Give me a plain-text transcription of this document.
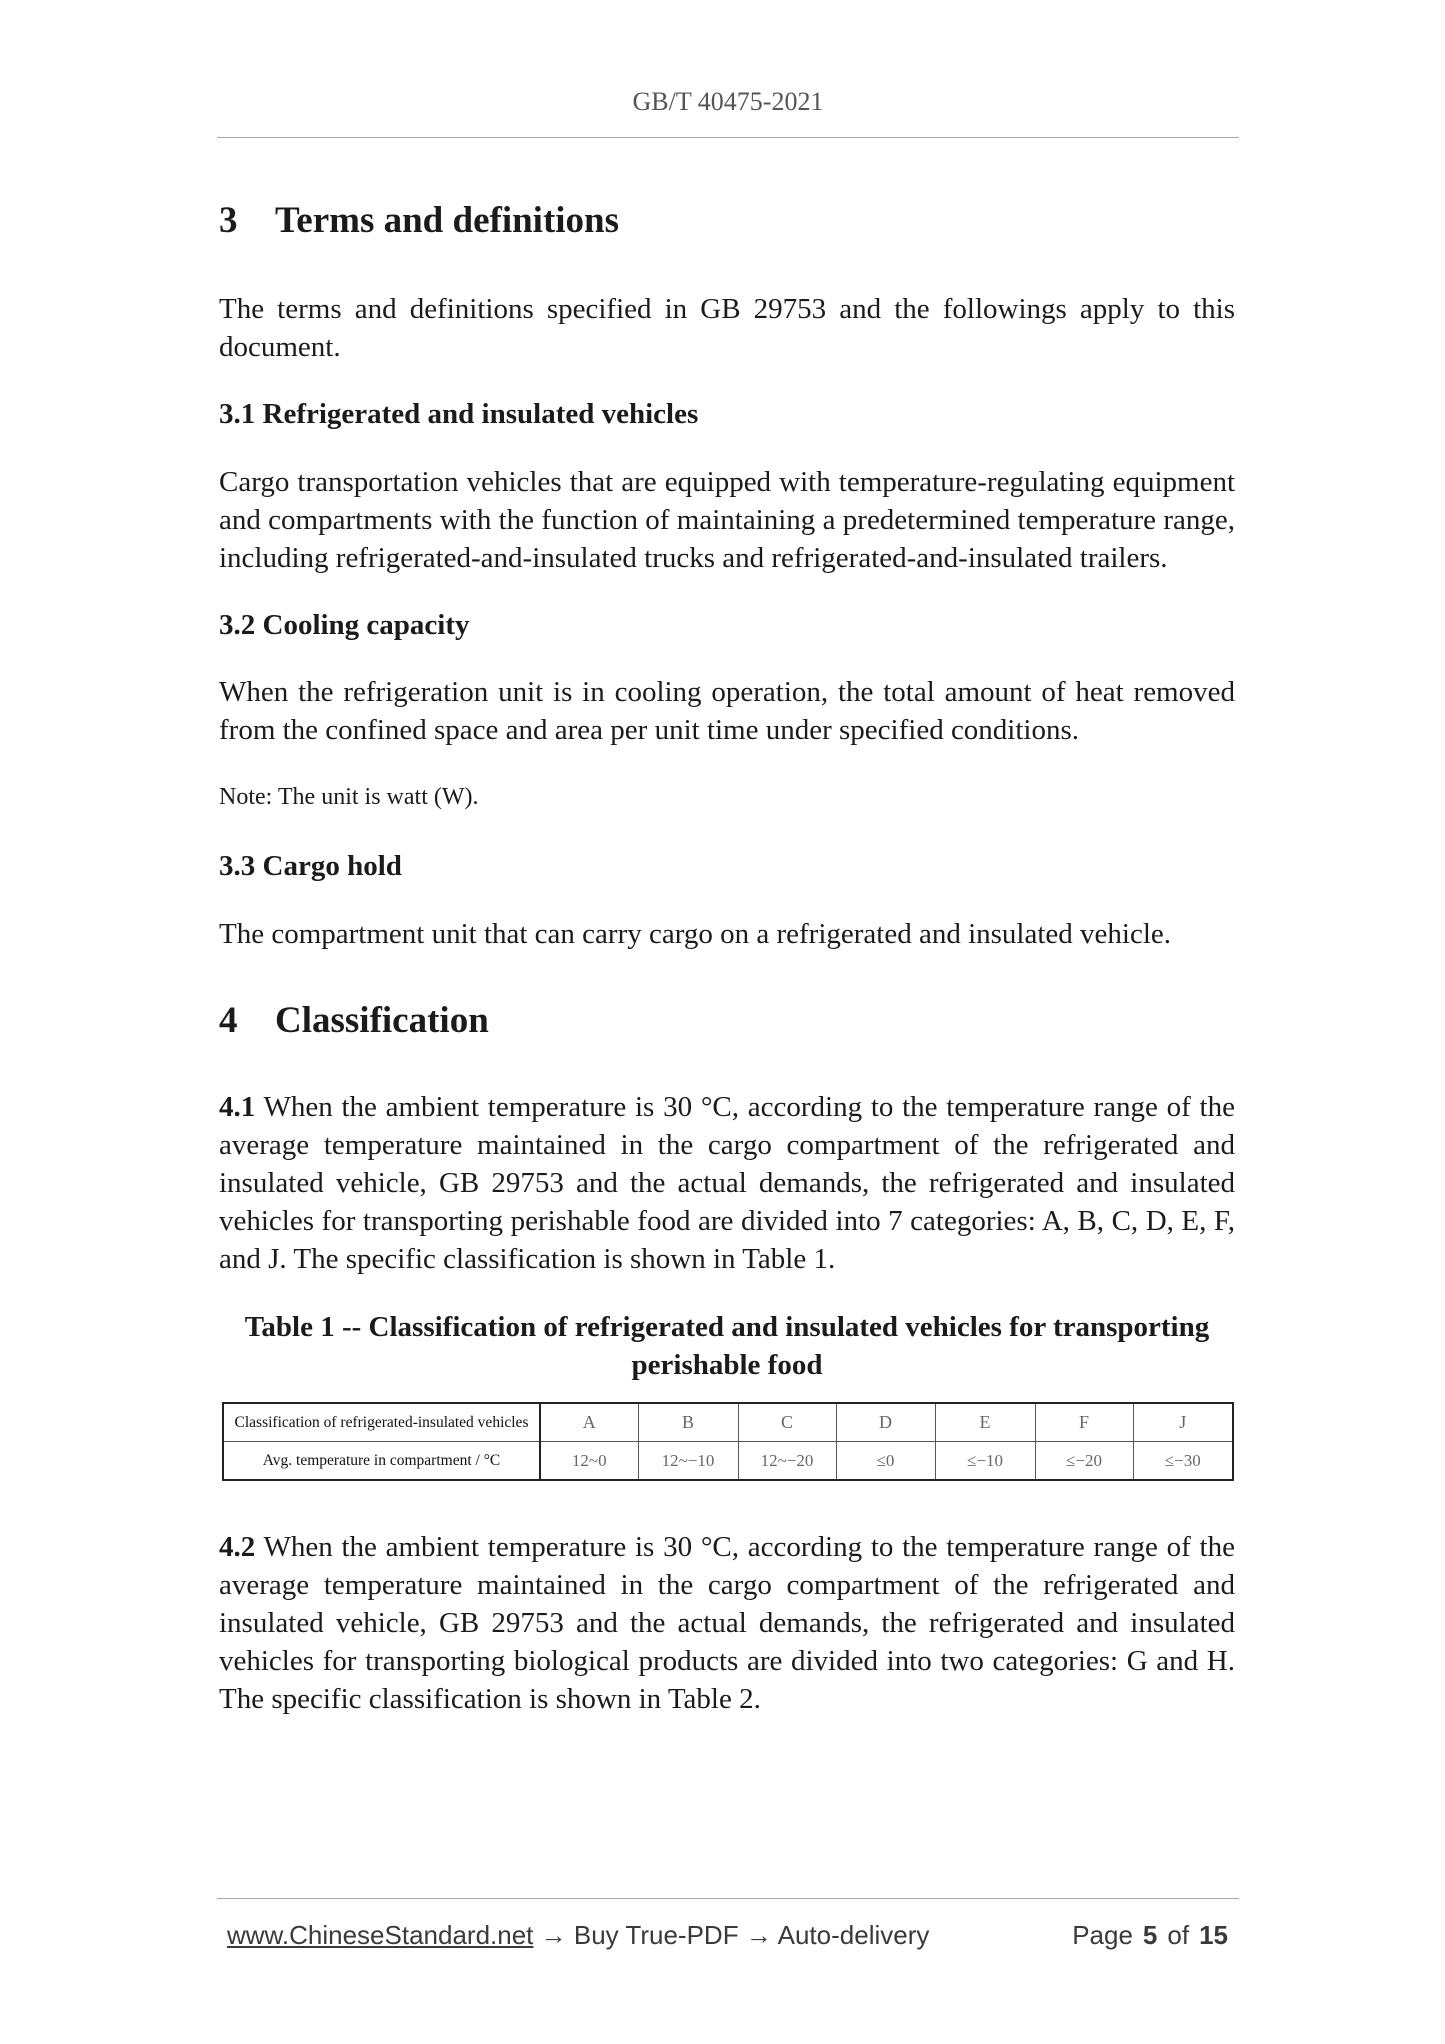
GB/T 40475-2021
3 Terms and definitions

The terms and definitions specified in GB 29753 and the followings apply to this document.

3.1 Refrigerated and insulated vehicles

Cargo transportation vehicles that are equipped with temperature-regulating equipment and compartments with the function of maintaining a predetermined temperature range, including refrigerated-and-insulated trucks and refrigerated-and-insulated trailers.

3.2 Cooling capacity

When the refrigeration unit is in cooling operation, the total amount of heat removed from the confined space and area per unit time under specified conditions.

Note: The unit is watt (W).

3.3 Cargo hold

The compartment unit that can carry cargo on a refrigerated and insulated vehicle.

4 Classification

4.1 When the ambient temperature is 30 °C, according to the temperature range of the average temperature maintained in the cargo compartment of the refrigerated and insulated vehicle, GB 29753 and the actual demands, the refrigerated and insulated vehicles for transporting perishable food are divided into 7 categories: A, B, C, D, E, F, and J. The specific classification is shown in Table 1.

Table 1 -- Classification of refrigerated and insulated vehicles for transporting perishable food
Classification of refrigerated-insulated vehicles	A	B	C	D	E	F	J
Avg. temperature in compartment / °C	12~0	12~−10	12~−20	≤0	≤−10	≤−20	≤−30

4.2 When the ambient temperature is 30 °C, according to the temperature range of the average temperature maintained in the cargo compartment of the refrigerated and insulated vehicle, GB 29753 and the actual demands, the refrigerated and insulated vehicles for transporting biological products are divided into two categories: G and H. The specific classification is shown in Table 2.

www.ChineseStandard.net → Buy True-PDF → Auto-delivery	Page 5 of 15
